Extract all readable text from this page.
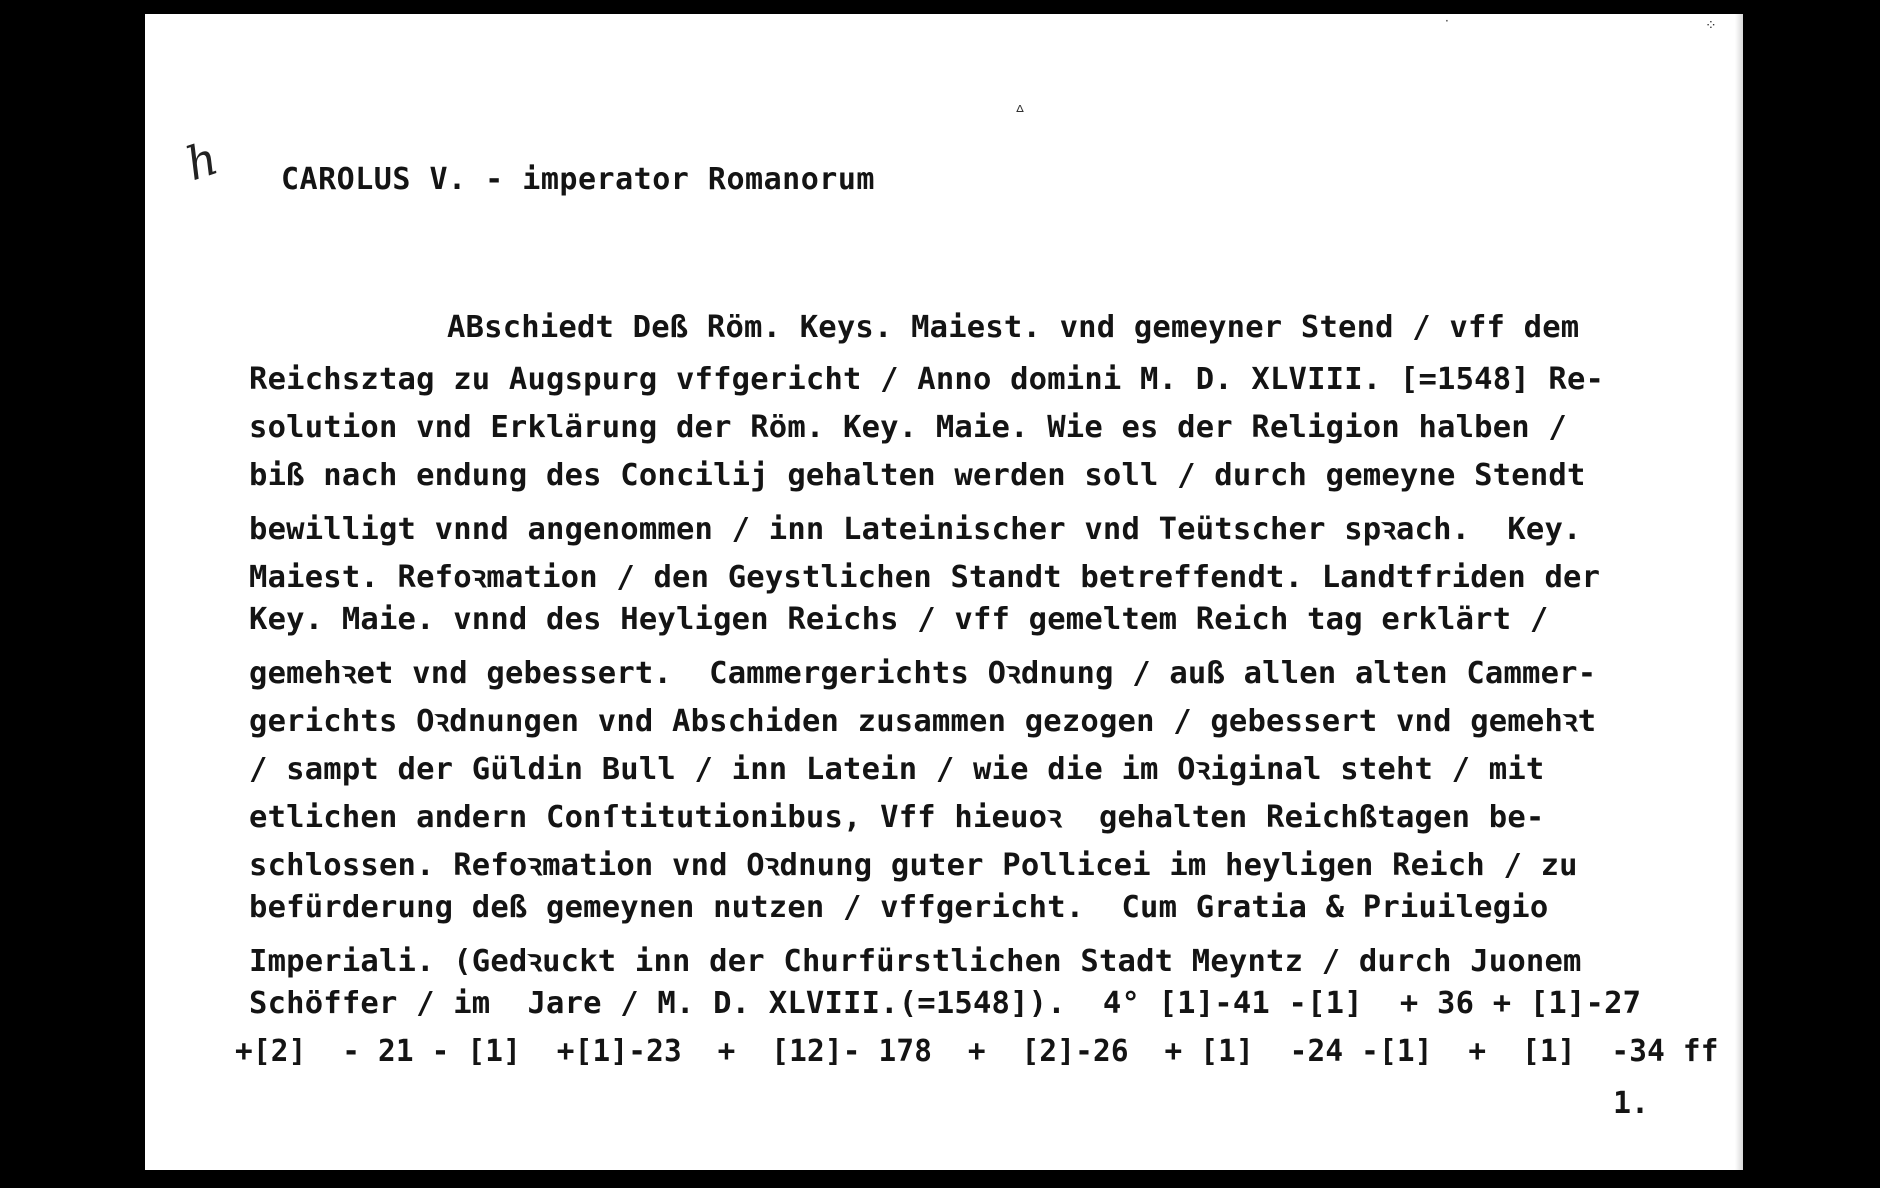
ᐞ
·	⁘
h CAROLUS V. - imperator Romanorum
ABschiedt Deß Röm. Keys. Maiest. vnd gemeyner Stend / vff dem
Reichsztag zu Augspurg vffgericht / Anno domini M. D. XLVIII. [=1548] Re-
solution vnd Erklärung der Röm. Key. Maie. Wie es der Religion halben /
biß nach endung des Concilij gehalten werden soll / durch gemeyne Stendt
bewilligt vnnd angenommen / inn Lateinischer vnd Teütscher spꝛach.  Key.
Maiest. Refoꝛmation / den Geystlichen Standt betreffendt. Landtfriden der
Key. Maie. vnnd des Heyligen Reichs / vff gemeltem Reich tag erklärt /
gemehꝛet vnd gebessert.  Cammergerichts Oꝛdnung / auß allen alten Cammer-
gerichts Oꝛdnungen vnd Abschiden zusammen gezogen / gebessert vnd gemehꝛt
/ sampt der Güldin Bull / inn Latein / wie die im Oꝛiginal steht / mit
etlichen andern Conſtitutionibus, Vff hieuoꝛ  gehalten Reichßtagen be-
schlossen. Refoꝛmation vnd Oꝛdnung guter Pollicei im heyligen Reich / zu
befürderung deß gemeynen nutzen / vffgericht.  Cum Gratia & Priuilegio
Imperiali. (Gedꝛuckt inn der Churfürstlichen Stadt Meyntz / durch Juonem
Schöffer / im  Jare / M. D. XLVIII.(=1548]).  4° [1]-41 -[1]  + 36 + [1]-27
+[2]  - 21 - [1]  +[1]-23  +  [12]- 178  +  [2]-26  + [1]  -24 -[1]  +  [1]  -34 ff
1.
